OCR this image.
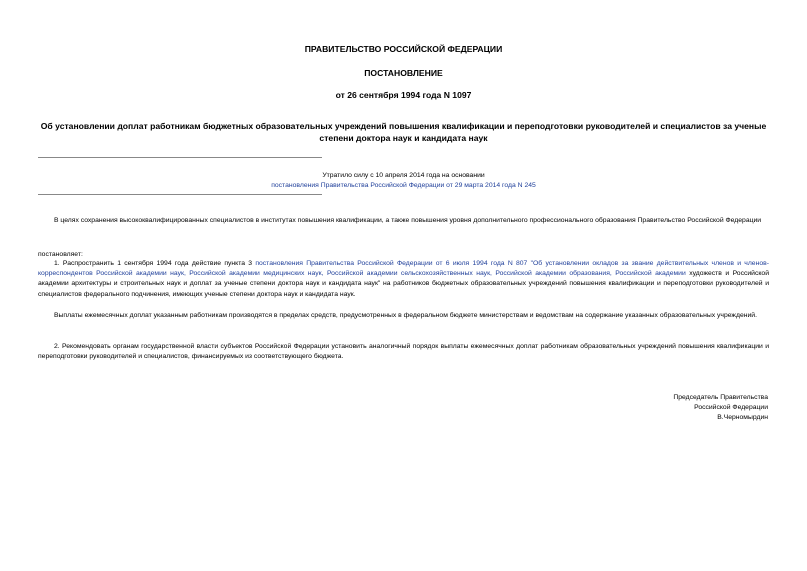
ПРАВИТЕЛЬСТВО РОССИЙСКОЙ ФЕДЕРАЦИИ
ПОСТАНОВЛЕНИЕ
от 26 сентября 1994 года N 1097
Об установлении доплат работникам бюджетных образовательных учреждений повышения квалификации и переподготовки руководителей и специалистов за ученые степени доктора наук и кандидата наук
Утратило силу с 10 апреля 2014 года на основании
постановления Правительства Российской Федерации от 29 марта 2014 года N 245
В целях сохранения высококвалифицированных специалистов в институтах повышения квалификации, а также повышения уровня дополнительного профессионального образования Правительство Российской Федерации
постановляет:
1. Распространить 1 сентября 1994 года действие пункта 3 постановления Правительства Российской Федерации от 6 июля 1994 года N 807 "Об установлении окладов за звание действительных членов и членов-корреспондентов Российской академии наук, Российской академии медицинских наук, Российской академии сельскохозяйственных наук, Российской академии образования, Российской академии художеств и Российской академии архитектуры и строительных наук и доплат за ученые степени доктора наук и кандидата наук" на работников бюджетных образовательных учреждений повышения квалификации и переподготовки руководителей и специалистов федерального подчинения, имеющих ученые степени доктора наук и кандидата наук.
Выплаты ежемесячных доплат указанным работникам производятся в пределах средств, предусмотренных в федеральном бюджете министерствам и ведомствам на содержание указанных образовательных учреждений.
2. Рекомендовать органам государственной власти субъектов Российской Федерации установить аналогичный порядок выплаты ежемесячных доплат работникам образовательных учреждений повышения квалификации и переподготовки руководителей и специалистов, финансируемых из соответствующего бюджета.
Председатель Правительства
Российской Федерации
В.Черномырдин
